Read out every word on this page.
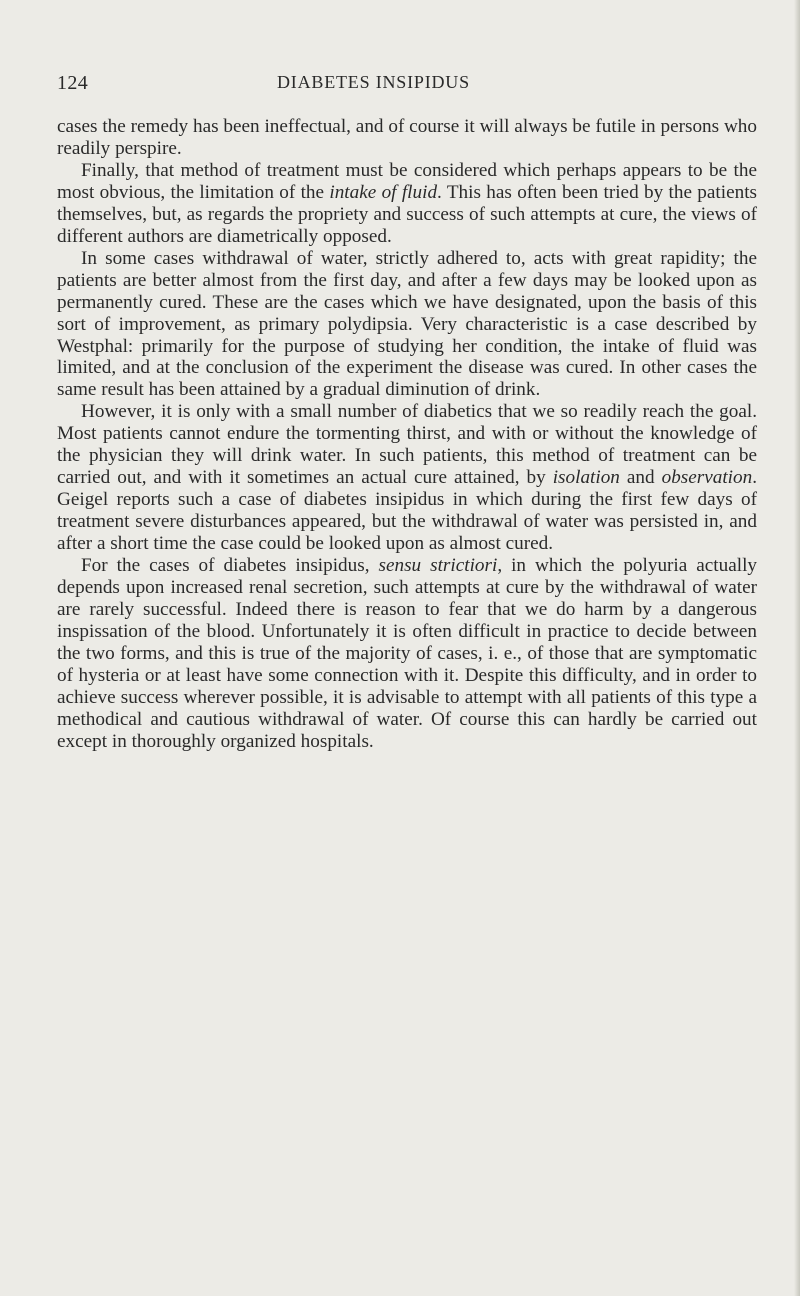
124	DIABETES INSIPIDUS

cases the remedy has been ineffectual, and of course it will always be futile in persons who readily perspire.

Finally, that method of treatment must be considered which perhaps appears to be the most obvious, the limitation of the intake of fluid. This has often been tried by the patients themselves, but, as regards the propriety and success of such attempts at cure, the views of different authors are diametrically opposed.

In some cases withdrawal of water, strictly adhered to, acts with great rapidity; the patients are better almost from the first day, and after a few days may be looked upon as permanently cured. These are the cases which we have designated, upon the basis of this sort of improvement, as primary polydipsia. Very characteristic is a case described by Westphal: primarily for the purpose of studying her condition, the intake of fluid was limited, and at the conclusion of the experiment the disease was cured. In other cases the same result has been attained by a gradual diminution of drink.

However, it is only with a small number of diabetics that we so readily reach the goal. Most patients cannot endure the tormenting thirst, and with or without the knowledge of the physician they will drink water. In such patients, this method of treatment can be carried out, and with it sometimes an actual cure attained, by isolation and observation. Geigel reports such a case of diabetes insipidus in which during the first few days of treatment severe disturbances appeared, but the withdrawal of water was persisted in, and after a short time the case could be looked upon as almost cured.

For the cases of diabetes insipidus, sensu strictiori, in which the polyuria actually depends upon increased renal secretion, such attempts at cure by the withdrawal of water are rarely successful. Indeed there is reason to fear that we do harm by a dangerous inspissation of the blood. Unfortunately it is often difficult in practice to decide between the two forms, and this is true of the majority of cases, i. e., of those that are symptomatic of hysteria or at least have some connection with it. Despite this difficulty, and in order to achieve success wherever possible, it is advisable to attempt with all patients of this type a methodical and cautious withdrawal of water. Of course this can hardly be carried out except in thoroughly organized hospitals.
